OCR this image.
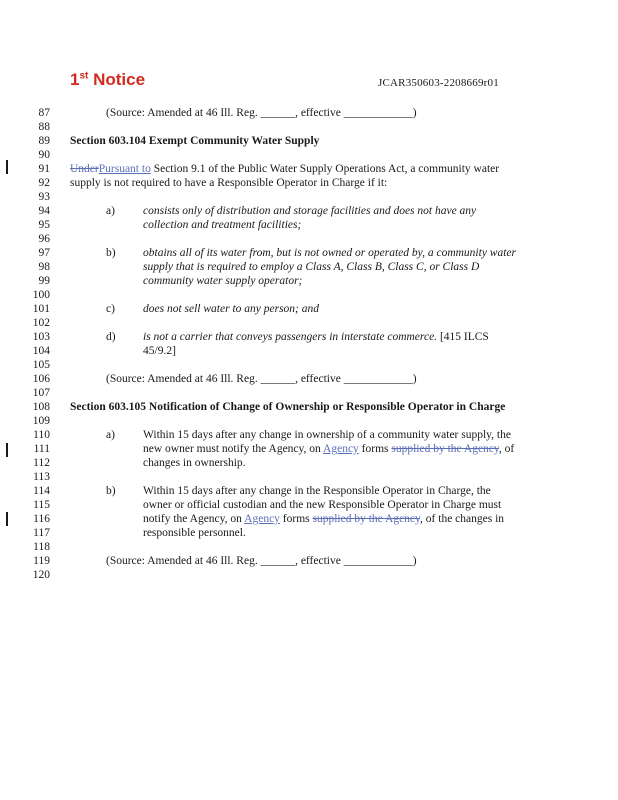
1st Notice	JCAR350603-2208669r01
87
88
89
90
91
92
93
94
95
96
97
98
99
100
101
102
103
104
105
106
107
108
109
110
111
112
113
114
115
116
117
118
119
120
(Source: Amended at 46 Ill. Reg. ______, effective ____________)
Section 603.104 Exempt Community Water Supply
UnderPursuant to Section 9.1 of the Public Water Supply Operations Act, a community water
supply is not required to have a Responsible Operator in Charge if it:
a) consists only of distribution and storage facilities and does not have any
collection and treatment facilities;
b) obtains all of its water from, but is not owned or operated by, a community water
supply that is required to employ a Class A, Class B, Class C, or Class D
community water supply operator;
c) does not sell water to any person; and
d) is not a carrier that conveys passengers in interstate commerce. [415 ILCS
45/9.2]
(Source: Amended at 46 Ill. Reg. ______, effective ____________)
Section 603.105 Notification of Change of Ownership or Responsible Operator in Charge
a) Within 15 days after any change in ownership of a community water supply, the
new owner must notify the Agency, on Agency forms supplied by the Agency, of
changes in ownership.
b) Within 15 days after any change in the Responsible Operator in Charge, the
owner or official custodian and the new Responsible Operator in Charge must
notify the Agency, on Agency forms supplied by the Agency, of the changes in
responsible personnel.
(Source: Amended at 46 Ill. Reg. ______, effective ____________)
